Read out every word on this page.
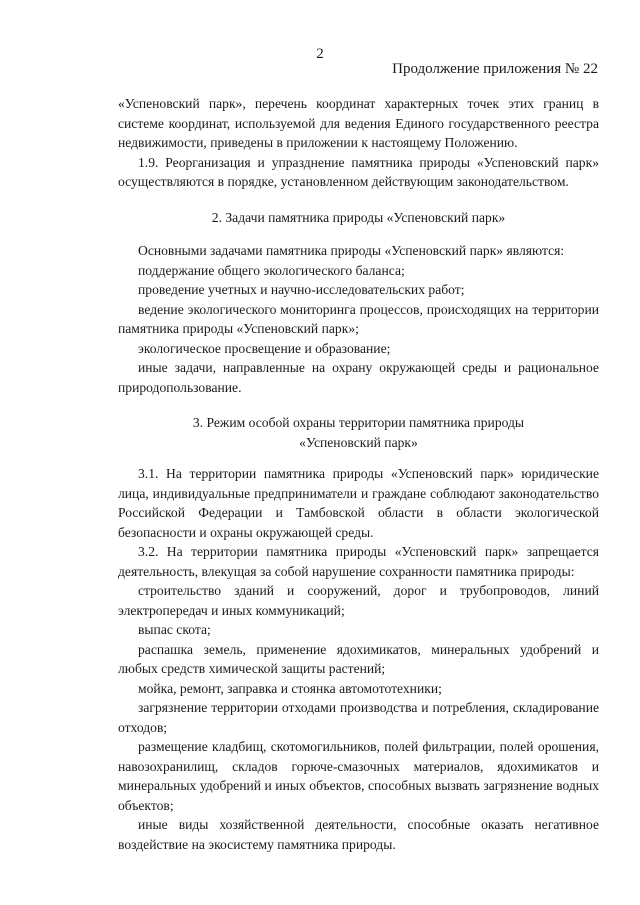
2
Продолжение приложения № 22

«Успеновский парк», перечень координат характерных точек этих границ в системе координат, используемой для ведения Единого государственного реестра недвижимости, приведены в приложении к настоящему Положению.

1.9. Реорганизация и упразднение памятника природы «Успеновский парк» осуществляются в порядке, установленном действующим законодательством.

2. Задачи памятника природы «Успеновский парк»

Основными задачами памятника природы «Успеновский парк» являются:

поддержание общего экологического баланса;

проведение учетных и научно-исследовательских работ;

ведение экологического мониторинга процессов, происходящих на территории памятника природы «Успеновский парк»;

экологическое просвещение и образование;

иные задачи, направленные на охрану окружающей среды и рациональное природопользование.

3. Режим особой охраны территории памятника природы

«Успеновский парк»

3.1. На территории памятника природы «Успеновский парк» юридические лица, индивидуальные предприниматели и граждане соблюдают законодательство Российской Федерации и Тамбовской области в области экологической безопасности и охраны окружающей среды.

3.2. На территории памятника природы «Успеновский парк» запрещается деятельность, влекущая за собой нарушение сохранности памятника природы:

строительство зданий и сооружений, дорог и трубопроводов, линий электропередач и иных коммуникаций;

выпас скота;

распашка земель, применение ядохимикатов, минеральных удобрений и любых средств химической защиты растений;

мойка, ремонт, заправка и стоянка автомототехники;

загрязнение территории отходами производства и потребления, складирование отходов;

размещение кладбищ, скотомогильников, полей фильтрации, полей орошения, навозохранилищ, складов горюче-смазочных материалов, ядохимикатов и минеральных удобрений и иных объектов, способных вызвать загрязнение водных объектов;

иные виды хозяйственной деятельности, способные оказать негативное воздействие на экосистему памятника природы.
